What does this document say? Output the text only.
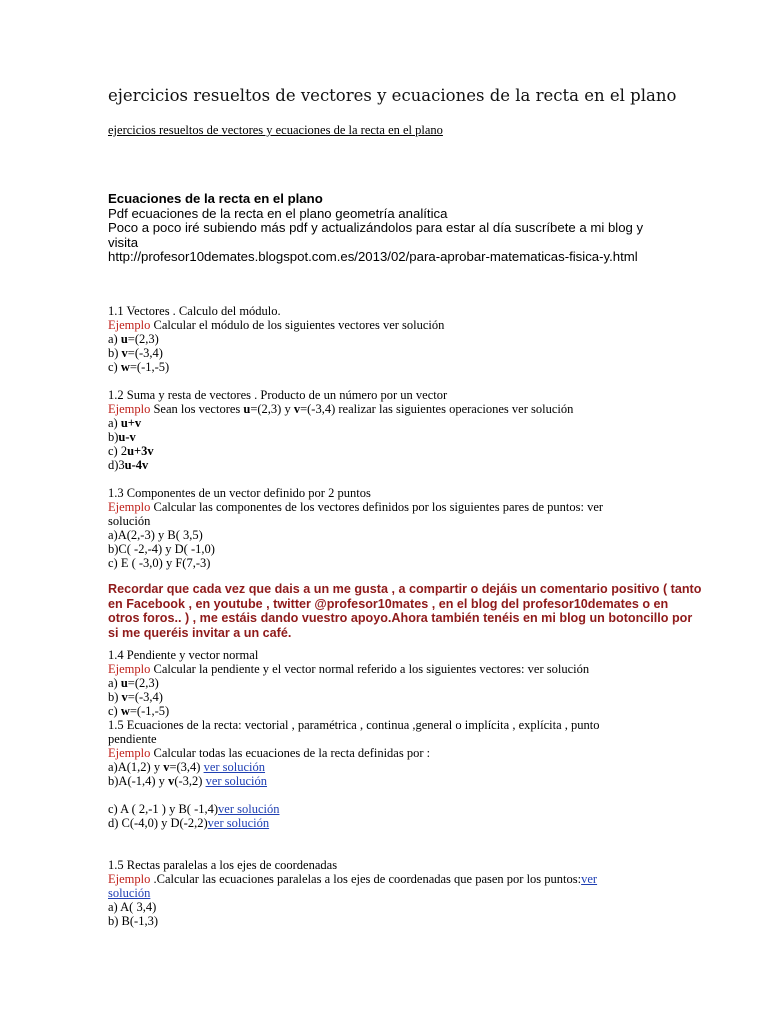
ejercicios resueltos de vectores y ecuaciones de la recta en el plano
ejercicios resueltos de vectores y ecuaciones de la recta en el plano
Ecuaciones de la recta en el plano
Pdf ecuaciones de la recta en el plano geometría analítica
Poco a poco iré subiendo más pdf y actualizándolos para estar al día suscríbete a mi blog y
visita
http://profesor10demates.blogspot.com.es/2013/02/para-aprobar-matematicas-fisica-y.html
1.1 Vectores . Calculo del módulo.
Ejemplo Calcular el módulo de los siguientes vectores ver solución
a) u=(2,3)
b) v=(-3,4)
c) w=(-1,-5)
1.2 Suma y resta de vectores . Producto de un número por un vector
Ejemplo Sean los vectores u=(2,3) y v=(-3,4) realizar las siguientes operaciones ver solución
a) u+v
b)u-v
c) 2u+3v
d)3u-4v
1.3 Componentes de un vector definido por 2 puntos
Ejemplo Calcular las componentes de los vectores definidos por los siguientes pares de puntos: ver
solución
a)A(2,-3) y B( 3,5)
b)C( -2,-4) y D( -1,0)
c) E ( -3,0) y F(7,-3)
Recordar que cada vez que dais a un me gusta , a compartir o dejáis un comentario positivo ( tanto
en Facebook , en youtube , twitter @profesor10mates , en el blog del profesor10demates o en
otros foros.. ) , me estáis dando vuestro apoyo.Ahora también tenéis en mi blog un botoncillo por
si me queréis invitar a un café.
1.4 Pendiente y vector normal
Ejemplo Calcular la pendiente y el vector normal referido a los siguientes vectores: ver solución
a) u=(2,3)
b) v=(-3,4)
c) w=(-1,-5)
1.5 Ecuaciones de la recta: vectorial , paramétrica , continua ,general o implícita , explícita , punto
pendiente
Ejemplo Calcular todas las ecuaciones de la recta definidas por :
a)A(1,2) y v=(3,4) ver solución
b)A(-1,4) y v(-3,2) ver solución
c) A ( 2,-1 ) y B( -1,4)ver solución
d) C(-4,0) y D(-2,2)ver solución
1.5 Rectas paralelas a los ejes de coordenadas
Ejemplo .Calcular las ecuaciones paralelas a los ejes de coordenadas que pasen por los puntos:ver
solución
a) A( 3,4)
b) B(-1,3)
